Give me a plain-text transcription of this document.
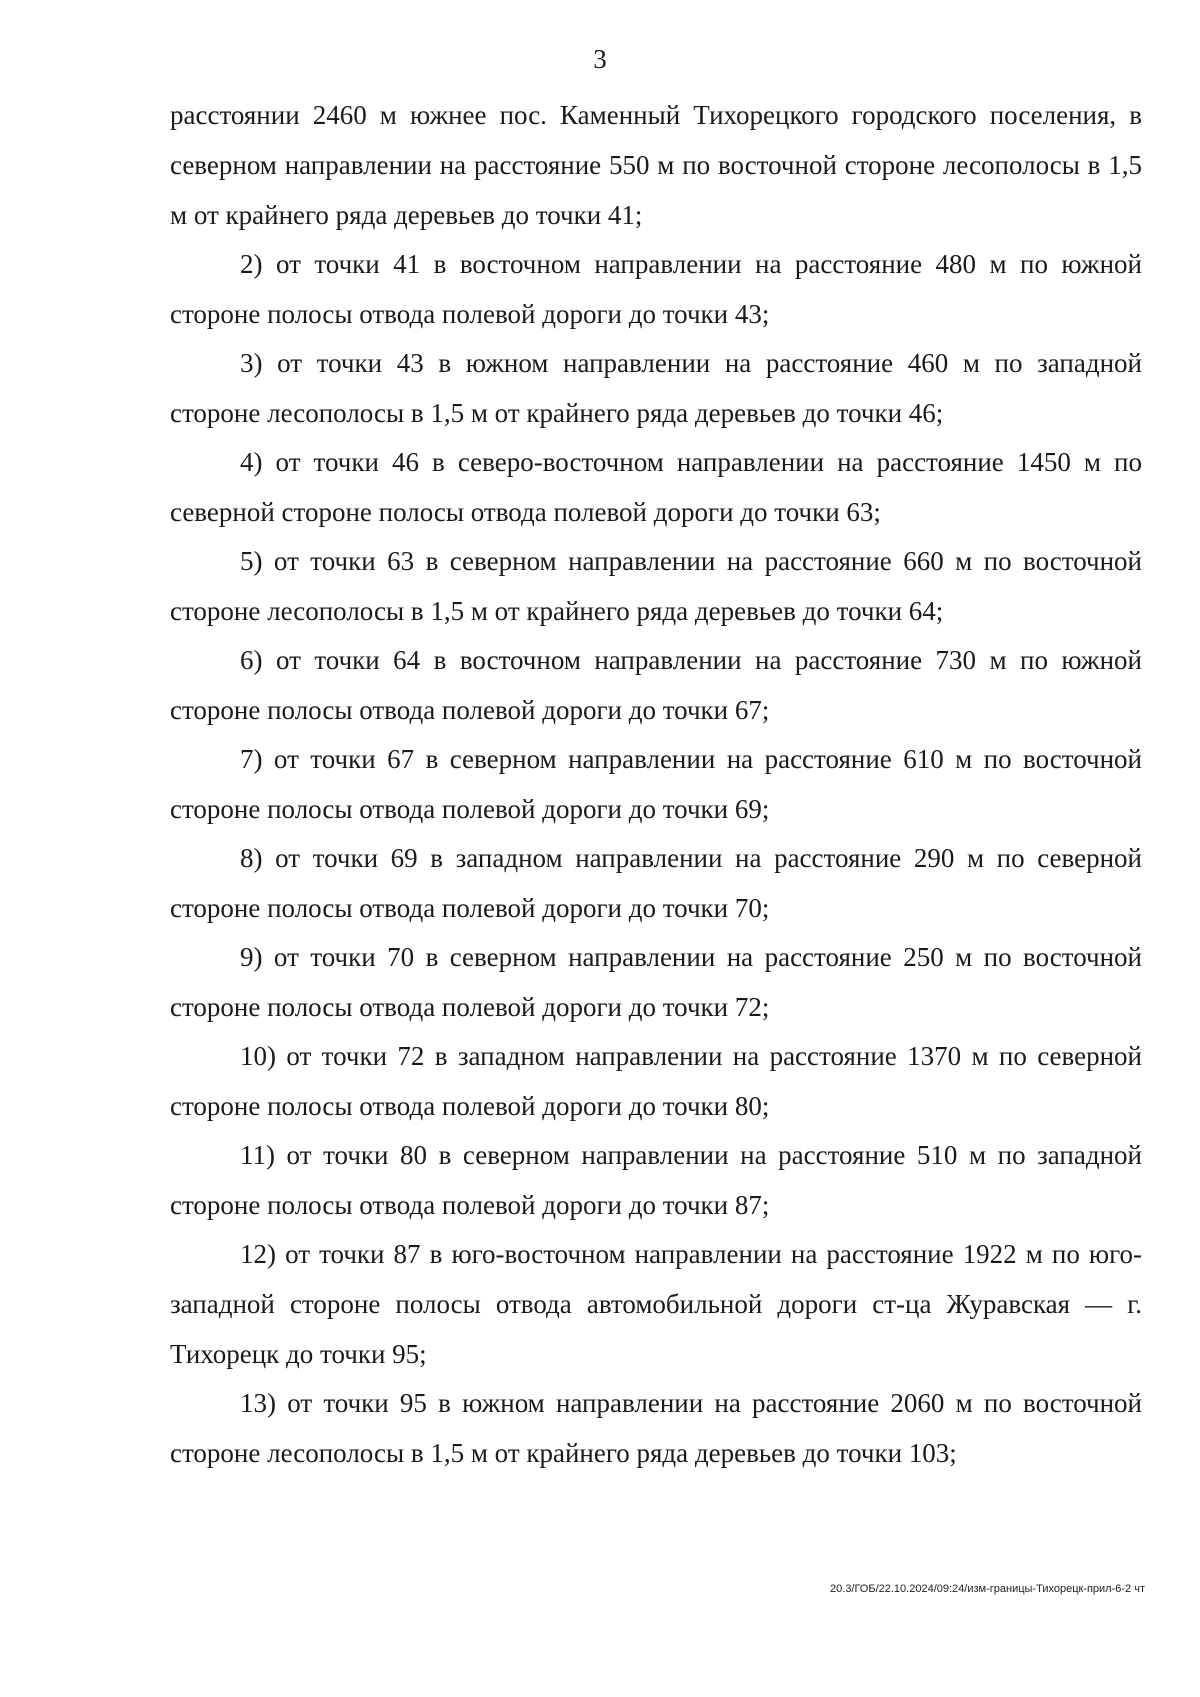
3

расстоянии 2460 м южнее пос. Каменный Тихорецкого городского поселения, в северном направлении на расстояние 550 м по восточной стороне лесополосы в 1,5 м от крайнего ряда деревьев до точки 41;

2) от точки 41 в восточном направлении на расстояние 480 м по южной стороне полосы отвода полевой дороги до точки 43;

3) от точки 43 в южном направлении на расстояние 460 м по западной стороне лесополосы в 1,5 м от крайнего ряда деревьев до точки 46;

4) от точки 46 в северо-восточном направлении на расстояние 1450 м по северной стороне полосы отвода полевой дороги до точки 63;

5) от точки 63 в северном направлении на расстояние 660 м по восточной стороне лесополосы в 1,5 м от крайнего ряда деревьев до точки 64;

6) от точки 64 в восточном направлении на расстояние 730 м по южной стороне полосы отвода полевой дороги до точки 67;

7) от точки 67 в северном направлении на расстояние 610 м по восточной стороне полосы отвода полевой дороги до точки 69;

8) от точки 69 в западном направлении на расстояние 290 м по северной стороне полосы отвода полевой дороги до точки 70;

9) от точки 70 в северном направлении на расстояние 250 м по восточной стороне полосы отвода полевой дороги до точки 72;

10) от точки 72 в западном направлении на расстояние 1370 м по северной стороне полосы отвода полевой дороги до точки 80;

11) от точки 80 в северном направлении на расстояние 510 м по западной стороне полосы отвода полевой дороги до точки 87;

12) от точки 87 в юго-восточном направлении на расстояние 1922 м по юго-западной стороне полосы отвода автомобильной дороги ст-ца Журавская — г. Тихорецк до точки 95;

13) от точки 95 в южном направлении на расстояние 2060 м по восточной стороне лесополосы в 1,5 м от крайнего ряда деревьев до точки 103;

20.3/ГОБ/22.10.2024/09:24/изм-границы-Тихорецк-прил-6-2 чт
